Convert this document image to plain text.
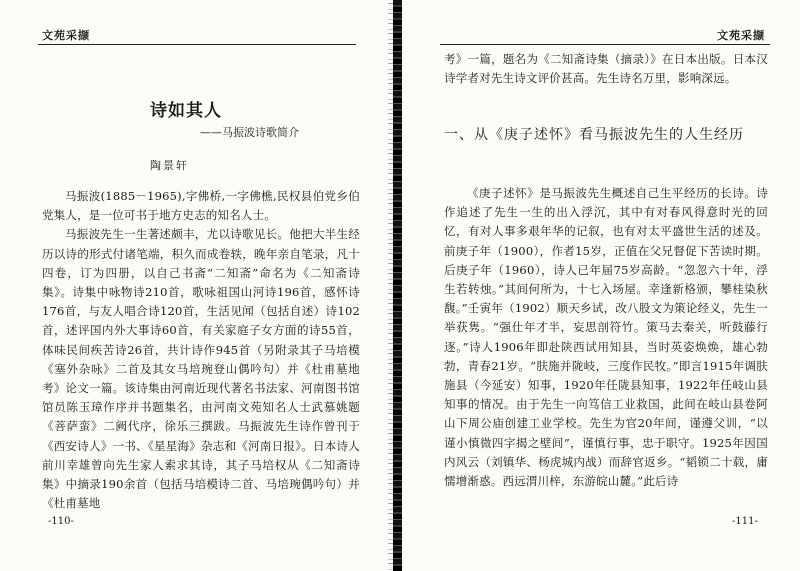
文苑采撷
诗如其人
——马振波诗歌简介
陶景轩

马振波(1885－1965),字佛桥,一字佛樵,民权县伯党乡伯党集人，是一位可书于地方史志的知名人士。

马振波先生一生著述颇丰，尤以诗歌见长。他把大半生经历以诗的形式付诸笔端，积久而成卷轶，晚年亲自笔录，凡十四卷，订为四册，以自己书斋“二知斋”命名为《二知斋诗集》。诗集中咏物诗210首，歌咏祖国山河诗196首，感怀诗176首，与友人唱合诗120首，生活见闻（包括自述）诗102首，述评国内外大事诗60首，有关家庭子女方面的诗55首，体味民间疾苦诗26首，共计诗作945首（另附录其子马培模《塞外杂咏》二首及其女马培琬登山偶吟句）并《杜甫墓地考》论文一篇。该诗集由河南近现代著名书法家、河南图书馆馆员陈玉璋作序并书题集名，由河南文苑知名人士武慕姚题《菩萨蛮》二阙代序，徐乐三撰跋。马振波先生诗作曾刊于《西安诗人》一书、《星星海》杂志和《河南日报》。日本诗人前川幸雄曾向先生家人索求其诗，其子马培权从《二知斋诗集》中摘录190余首（包括马培模诗二首、马培琬偶吟句）并《杜甫墓地

-110-
文苑采撷

考》一篇，题名为《二知斋诗集（摘录）》在日本出版。日本汉诗学者对先生诗文评价甚高。先生诗名万里，影响深远。

一、从《庚子述怀》看马振波先生的人生经历

《庚子述怀》是马振波先生概述自己生平经历的长诗。诗作追述了先生一生的出入浮沉，其中有对春风得意时光的回忆，有对人事多艰年华的记叙，也有对太平盛世生活的述及。前庚子年（1900），作者15岁，正值在父兄督促下苦读时期。后庚子年（1960），诗人已年届75岁高龄。“忽忽六十年，浮生若转烛。”其间何所为，十七入场屋。幸逢新格颁，攀桂染秋馥。”壬寅年（1902）顺天乡试，改八股文为策论经义，先生一举获隽。“强仕年才半，妄思剖符竹。策马去秦关，听鼓藤行逐。”诗人1906年即赴陕西试用知县，当时英姿焕焕，雄心勃勃，青春21岁。“肤施并陇岐，三度作民牧。”即言1915年调肤施县（今延安）知事，1920年任陇县知事，1922年任岐山县知事的情况。由于先生一向笃信工业救国，此间在岐山县卷阿山下周公庙创建工业学校。先生为官20年间，谨遵父训，“以谨小慎微四字揭之壁间”，谨慎行事，忠于职守。1925年因国内风云（刘镇华、杨虎城内战）而辞官返乡。“韬锁二十载，庸懦增渐惑。西远渭川梓，东游皖山麓。”此后诗

-111-
